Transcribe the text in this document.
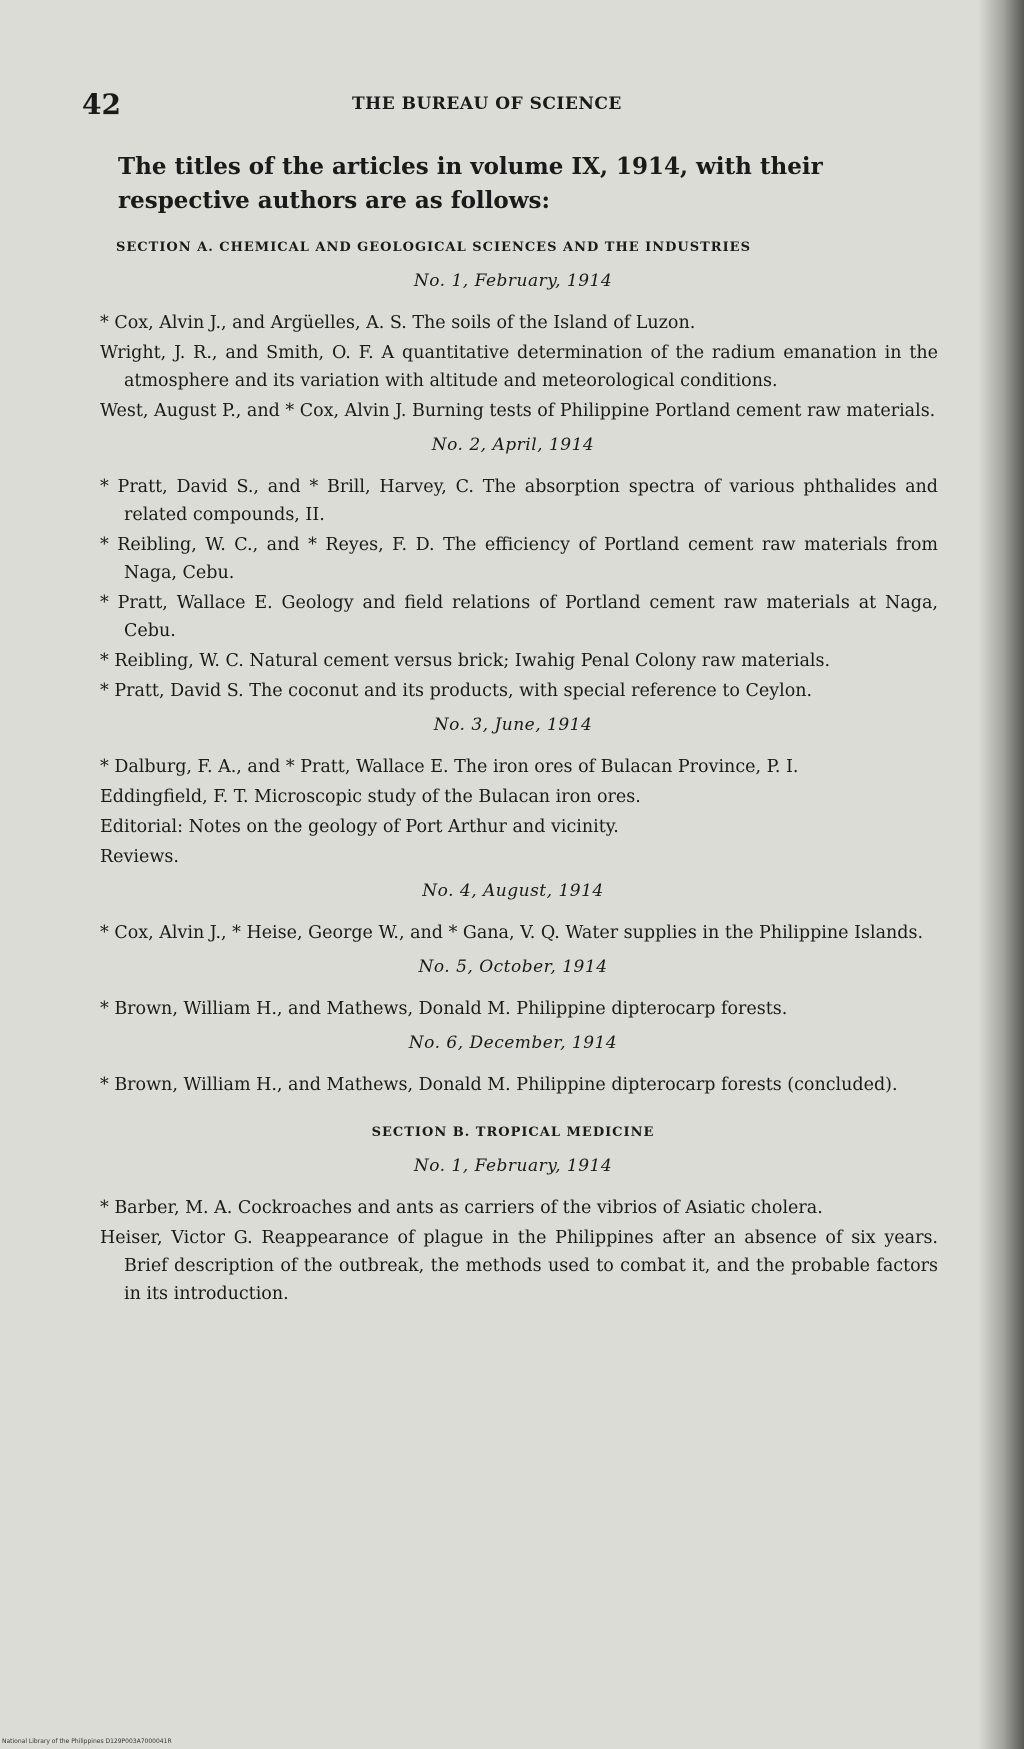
42	THE BUREAU OF SCIENCE

The titles of the articles in volume IX, 1914, with their respective authors are as follows:

SECTION A. CHEMICAL AND GEOLOGICAL SCIENCES AND THE INDUSTRIES
No. 1, February, 1914

* Cox, Alvin J., and Argüelles, A. S. The soils of the Island of Luzon.

Wright, J. R., and Smith, O. F. A quantitative determination of the radium emanation in the atmosphere and its variation with altitude and meteorological conditions.

West, August P., and * Cox, Alvin J. Burning tests of Philippine Portland cement raw materials.

No. 2, April, 1914

* Pratt, David S., and * Brill, Harvey, C. The absorption spectra of various phthalides and related compounds, II.

* Reibling, W. C., and * Reyes, F. D. The efficiency of Portland cement raw materials from Naga, Cebu.

* Pratt, Wallace E. Geology and field relations of Portland cement raw materials at Naga, Cebu.

* Reibling, W. C. Natural cement versus brick; Iwahig Penal Colony raw materials.

* Pratt, David S. The coconut and its products, with special reference to Ceylon.

No. 3, June, 1914

* Dalburg, F. A., and * Pratt, Wallace E. The iron ores of Bulacan Province, P. I.

Eddingfield, F. T. Microscopic study of the Bulacan iron ores.

Editorial: Notes on the geology of Port Arthur and vicinity.

Reviews.

No. 4, August, 1914

* Cox, Alvin J., * Heise, George W., and * Gana, V. Q. Water supplies in the Philippine Islands.

No. 5, October, 1914

* Brown, William H., and Mathews, Donald M. Philippine dipterocarp forests.

No. 6, December, 1914

* Brown, William H., and Mathews, Donald M. Philippine dipterocarp forests (concluded).

SECTION B. TROPICAL MEDICINE
No. 1, February, 1914

* Barber, M. A. Cockroaches and ants as carriers of the vibrios of Asiatic cholera.

Heiser, Victor G. Reappearance of plague in the Philippines after an absence of six years. Brief description of the outbreak, the methods used to combat it, and the probable factors in its introduction.

National Library of the Philippines D129P003A7000041R
